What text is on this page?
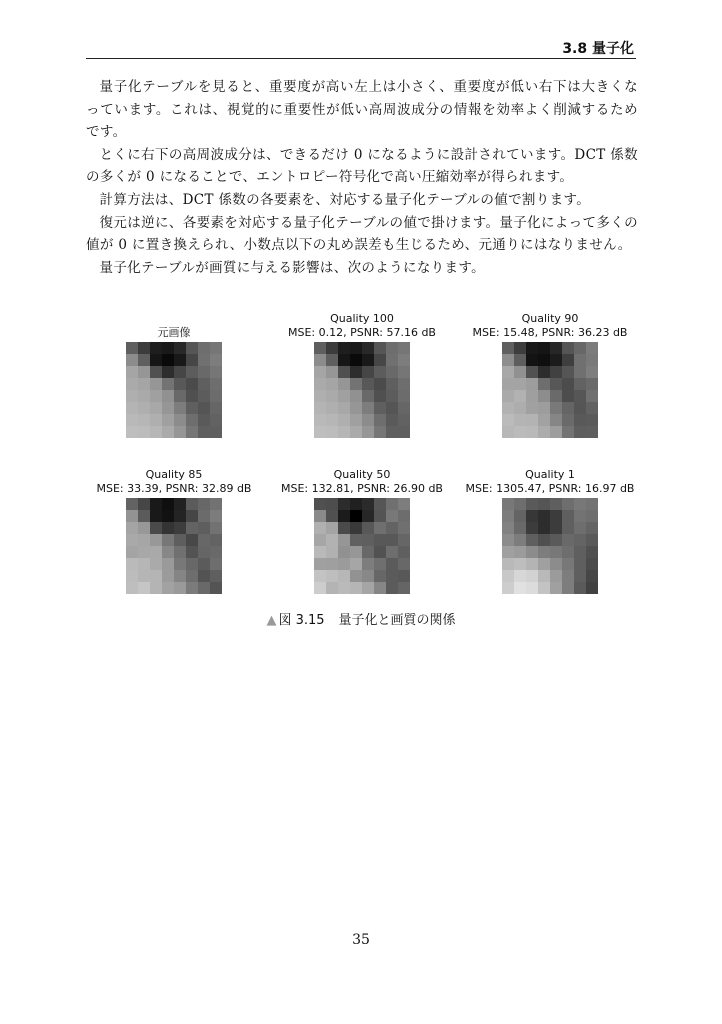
3.8 量子化

量子化テーブルを見ると、重要度が高い左上は小さく、重要度が低い右下は大きくなっています。これは、視覚的に重要性が低い高周波成分の情報を効率よく削減するためです。

とくに右下の高周波成分は、できるだけ 0 になるように設計されています。DCT 係数の多くが 0 になることで、エントロピー符号化で高い圧縮効率が得られます。

計算方法は、DCT 係数の各要素を、対応する量子化テーブルの値で割ります。

復元は逆に、各要素を対応する量子化テーブルの値で掛けます。量子化によって多くの値が 0 に置き換えられ、小数点以下の丸め誤差も生じるため、元通りにはなりません。

量子化テーブルが画質に与える影響は、次のようになります。

元画像
Quality 100
MSE: 0.12, PSNR: 57.16 dB
Quality 90
MSE: 15.48, PSNR: 36.23 dB
Quality 85
MSE: 33.39, PSNR: 32.89 dB
Quality 50
MSE: 132.81, PSNR: 26.90 dB
Quality 1
MSE: 1305.47, PSNR: 16.97 dB
▲ 図 3.15 量子化と画質の関係
35
